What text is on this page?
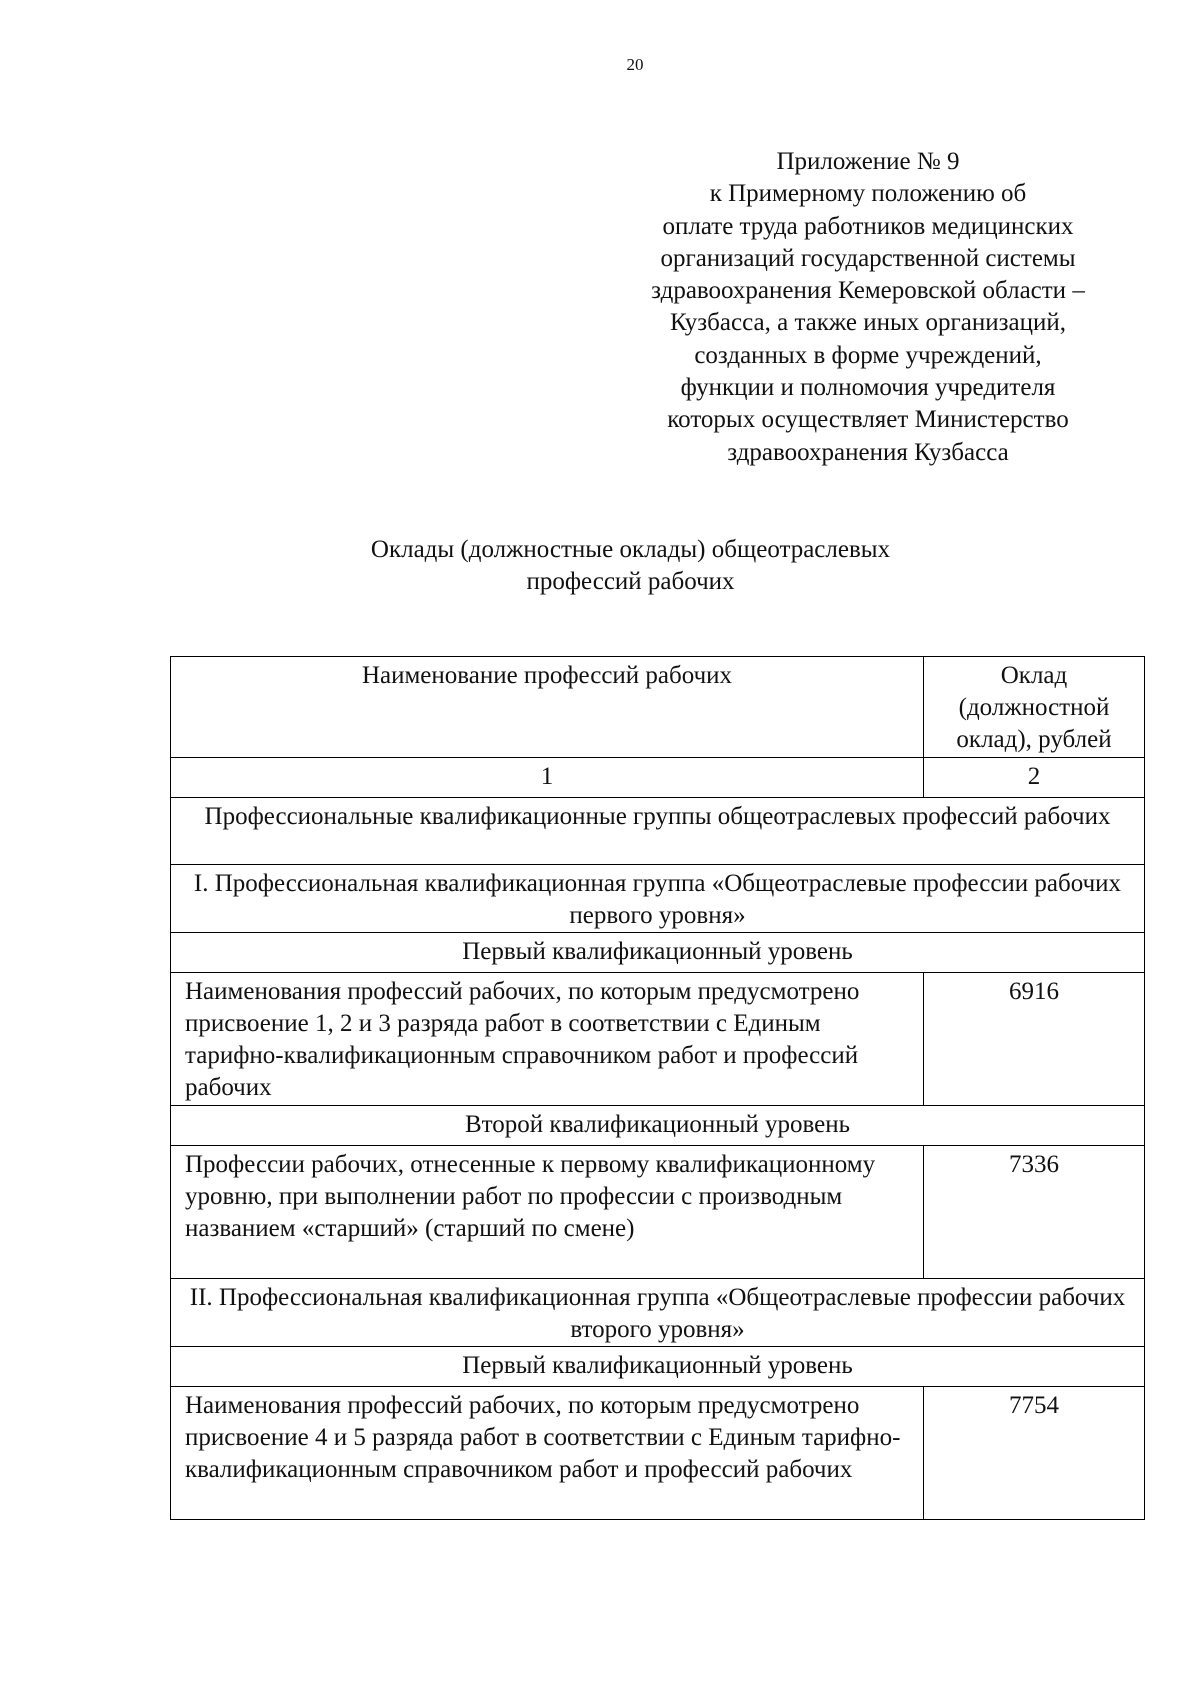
20
Приложение № 9
к Примерному положению об
оплате труда работников медицинских
организаций государственной системы
здравоохранения Кемеровской области –
Кузбасса, а также иных организаций,
созданных в форме учреждений,
функции и полномочия учредителя
которых осуществляет Министерство
здравоохранения Кузбасса
Оклады (должностные оклады) общеотраслевых
профессий рабочих
Наименование профессий рабочих	Оклад (должностной оклад), рублей
1	2
Профессиональные квалификационные группы общеотраслевых профессий рабочих	
I. Профессиональная квалификационная группа «Общеотраслевые профессии рабочих первого уровня»	
Первый квалификационный уровень	
Наименования профессий рабочих, по которым предусмотрено присвоение 1, 2 и 3 разряда работ в соответствии с Единым тарифно-квалификационным справочником работ и профессий рабочих	6916
Второй квалификационный уровень	
Профессии рабочих, отнесенные к первому квалификационному уровню, при выполнении работ по профессии с производным названием «старший» (старший по смене)	7336
II. Профессиональная квалификационная группа «Общеотраслевые профессии рабочих второго уровня»	
Первый квалификационный уровень	
Наименования профессий рабочих, по которым предусмотрено присвоение 4 и 5 разряда работ в соответствии с Единым тарифно-квалификационным справочником работ и профессий рабочих	7754
